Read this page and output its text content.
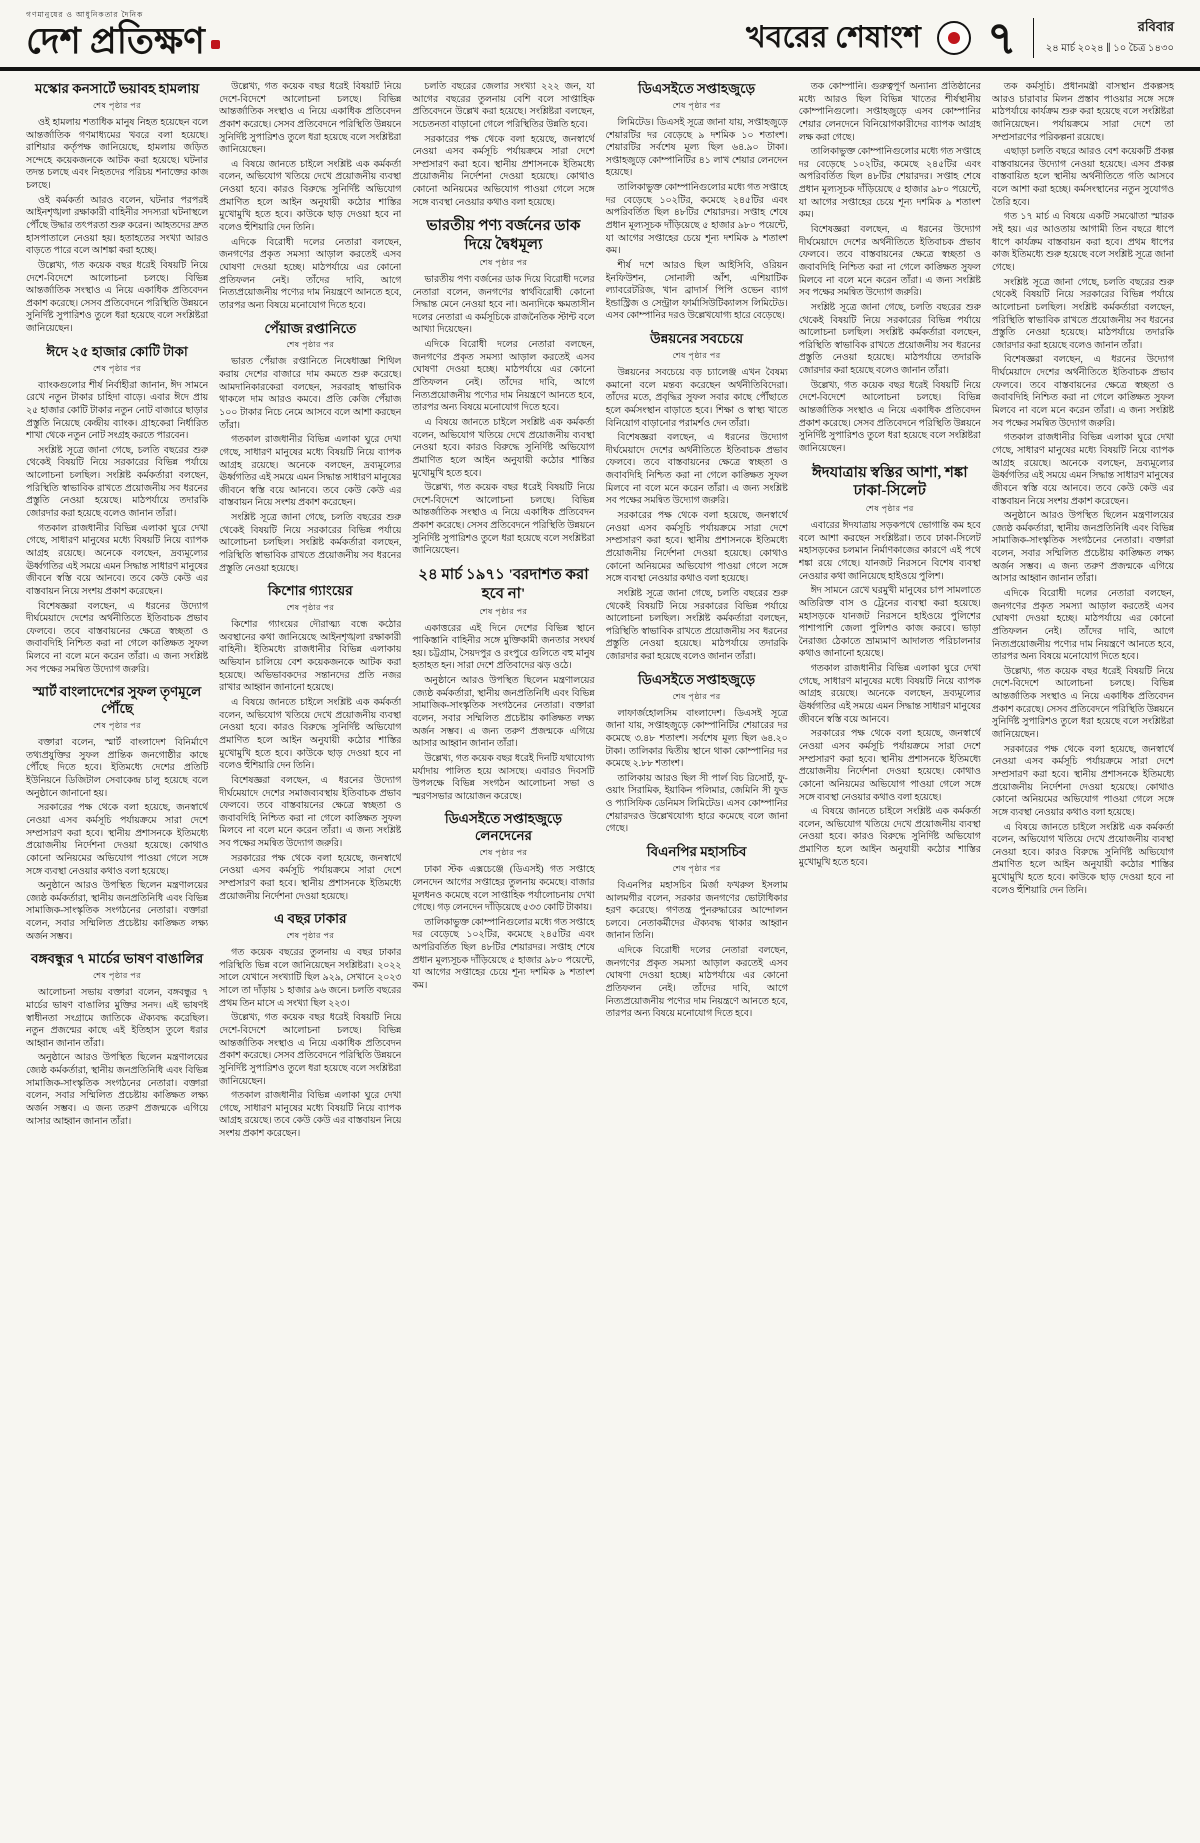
গণমানুষের ও আধুনিকতার দৈনিক
দেশ প্রতিক্ষণ	খবরের শেষাংশ ৭	রবিবার
২৪ মার্চ ২০২৪ ∥ ১০ চৈত্র ১৪৩০
মস্কোর কনসার্টে ভয়াবহ হামলায়
শেষ পৃষ্ঠার পর

ওই হামলায় শতাধিক মানুষ নিহত হয়েছেন বলে আন্তর্জাতিক গণমাধ্যমের খবরে বলা হয়েছে। রাশিয়ার কর্তৃপক্ষ জানিয়েছে, হামলায় জড়িত সন্দেহে কয়েকজনকে আটক করা হয়েছে। ঘটনার তদন্ত চলছে এবং নিহতদের পরিচয় শনাক্তের কাজ চলছে।

ওই কর্মকর্তা আরও বলেন, ঘটনার পরপরই আইনশৃঙ্খলা রক্ষাকারী বাহিনীর সদস্যরা ঘটনাস্থলে পৌঁছে উদ্ধার তৎপরতা শুরু করেন। আহতদের দ্রুত হাসপাতালে নেওয়া হয়। হতাহতের সংখ্যা আরও বাড়তে পারে বলে আশঙ্কা করা হচ্ছে।

উল্লেখ্য, গত কয়েক বছর ধরেই বিষয়টি নিয়ে দেশে-বিদেশে আলোচনা চলছে। বিভিন্ন আন্তর্জাতিক সংস্থাও এ নিয়ে একাধিক প্রতিবেদন প্রকাশ করেছে। সেসব প্রতিবেদনে পরিস্থিতি উন্নয়নে সুনির্দিষ্ট সুপারিশও তুলে ধরা হয়েছে বলে সংশ্লিষ্টরা জানিয়েছেন।

ঈদে ২৫ হাজার কোটি টাকা
শেষ পৃষ্ঠার পর

ব্যাংকগুলোর শীর্ষ নির্বাহীরা জানান, ঈদ সামনে রেখে নতুন টাকার চাহিদা বাড়ে। এবার ঈদে প্রায় ২৫ হাজার কোটি টাকার নতুন নোট বাজারে ছাড়ার প্রস্তুতি নিয়েছে কেন্দ্রীয় ব্যাংক। গ্রাহকেরা নির্ধারিত শাখা থেকে নতুন নোট সংগ্রহ করতে পারবেন।

সংশ্লিষ্ট সূত্রে জানা গেছে, চলতি বছরের শুরু থেকেই বিষয়টি নিয়ে সরকারের বিভিন্ন পর্যায়ে আলোচনা চলছিল। সংশ্লিষ্ট কর্মকর্তারা বলছেন, পরিস্থিতি স্বাভাবিক রাখতে প্রয়োজনীয় সব ধরনের প্রস্তুতি নেওয়া হয়েছে। মাঠপর্যায়ে তদারকি জোরদার করা হয়েছে বলেও জানান তাঁরা।

গতকাল রাজধানীর বিভিন্ন এলাকা ঘুরে দেখা গেছে, সাধারণ মানুষের মধ্যে বিষয়টি নিয়ে ব্যাপক আগ্রহ রয়েছে। অনেকে বলছেন, দ্রব্যমূল্যের ঊর্ধ্বগতির এই সময়ে এমন সিদ্ধান্ত সাধারণ মানুষের জীবনে স্বস্তি বয়ে আনবে। তবে কেউ কেউ এর বাস্তবায়ন নিয়ে সংশয় প্রকাশ করেছেন।

বিশেষজ্ঞরা বলছেন, এ ধরনের উদ্যোগ দীর্ঘমেয়াদে দেশের অর্থনীতিতে ইতিবাচক প্রভাব ফেলবে। তবে বাস্তবায়নের ক্ষেত্রে স্বচ্ছতা ও জবাবদিহি নিশ্চিত করা না গেলে কাঙ্ক্ষিত সুফল মিলবে না বলে মনে করেন তাঁরা। এ জন্য সংশ্লিষ্ট সব পক্ষের সমন্বিত উদ্যোগ জরুরি।

স্মার্ট বাংলাদেশের সুফল তৃণমূলে পৌঁছে
শেষ পৃষ্ঠার পর

বক্তারা বলেন, স্মার্ট বাংলাদেশ বিনির্মাণে তথ্যপ্রযুক্তির সুফল প্রান্তিক জনগোষ্ঠীর কাছে পৌঁছে দিতে হবে। ইতিমধ্যে দেশের প্রতিটি ইউনিয়নে ডিজিটাল সেবাকেন্দ্র চালু হয়েছে বলে অনুষ্ঠানে জানানো হয়।

সরকারের পক্ষ থেকে বলা হয়েছে, জনস্বার্থে নেওয়া এসব কর্মসূচি পর্যায়ক্রমে সারা দেশে সম্প্রসারণ করা হবে। স্থানীয় প্রশাসনকে ইতিমধ্যে প্রয়োজনীয় নির্দেশনা দেওয়া হয়েছে। কোথাও কোনো অনিয়মের অভিযোগ পাওয়া গেলে সঙ্গে সঙ্গে ব্যবস্থা নেওয়ার কথাও বলা হয়েছে।

অনুষ্ঠানে আরও উপস্থিত ছিলেন মন্ত্রণালয়ের জ্যেষ্ঠ কর্মকর্তারা, স্থানীয় জনপ্রতিনিধি এবং বিভিন্ন সামাজিক-সাংস্কৃতিক সংগঠনের নেতারা। বক্তারা বলেন, সবার সম্মিলিত প্রচেষ্টায় কাঙ্ক্ষিত লক্ষ্য অর্জন সম্ভব।

বঙ্গবন্ধুর ৭ মার্চের ভাষণ বাঙালির
শেষ পৃষ্ঠার পর

আলোচনা সভায় বক্তারা বলেন, বঙ্গবন্ধুর ৭ মার্চের ভাষণ বাঙালির মুক্তির সনদ। এই ভাষণই স্বাধীনতা সংগ্রামে জাতিকে ঐক্যবদ্ধ করেছিল। নতুন প্রজন্মের কাছে এই ইতিহাস তুলে ধরার আহ্বান জানান তাঁরা।

অনুষ্ঠানে আরও উপস্থিত ছিলেন মন্ত্রণালয়ের জ্যেষ্ঠ কর্মকর্তারা, স্থানীয় জনপ্রতিনিধি এবং বিভিন্ন সামাজিক-সাংস্কৃতিক সংগঠনের নেতারা। বক্তারা বলেন, সবার সম্মিলিত প্রচেষ্টায় কাঙ্ক্ষিত লক্ষ্য অর্জন সম্ভব। এ জন্য তরুণ প্রজন্মকে এগিয়ে আসার আহ্বান জানান তাঁরা।

উল্লেখ্য, গত কয়েক বছর ধরেই বিষয়টি নিয়ে দেশে-বিদেশে আলোচনা চলছে। বিভিন্ন আন্তর্জাতিক সংস্থাও এ নিয়ে একাধিক প্রতিবেদন প্রকাশ করেছে। সেসব প্রতিবেদনে পরিস্থিতি উন্নয়নে সুনির্দিষ্ট সুপারিশও তুলে ধরা হয়েছে বলে সংশ্লিষ্টরা জানিয়েছেন।

এ বিষয়ে জানতে চাইলে সংশ্লিষ্ট এক কর্মকর্তা বলেন, অভিযোগ খতিয়ে দেখে প্রয়োজনীয় ব্যবস্থা নেওয়া হবে। কারও বিরুদ্ধে সুনির্দিষ্ট অভিযোগ প্রমাণিত হলে আইন অনুযায়ী কঠোর শাস্তির মুখোমুখি হতে হবে। কাউকে ছাড় দেওয়া হবে না বলেও হুঁশিয়ারি দেন তিনি।

এদিকে বিরোধী দলের নেতারা বলছেন, জনগণের প্রকৃত সমস্যা আড়াল করতেই এসব ঘোষণা দেওয়া হচ্ছে। মাঠপর্যায়ে এর কোনো প্রতিফলন নেই। তাঁদের দাবি, আগে নিত্যপ্রয়োজনীয় পণ্যের দাম নিয়ন্ত্রণে আনতে হবে, তারপর অন্য বিষয়ে মনোযোগ দিতে হবে।

পেঁয়াজ রপ্তানিতে
শেষ পৃষ্ঠার পর

ভারত পেঁয়াজ রপ্তানিতে নিষেধাজ্ঞা শিথিল করায় দেশের বাজারে দাম কমতে শুরু করেছে। আমদানিকারকেরা বলছেন, সরবরাহ স্বাভাবিক থাকলে দাম আরও কমবে। প্রতি কেজি পেঁয়াজ ১০০ টাকার নিচে নেমে আসবে বলে আশা করছেন তাঁরা।

গতকাল রাজধানীর বিভিন্ন এলাকা ঘুরে দেখা গেছে, সাধারণ মানুষের মধ্যে বিষয়টি নিয়ে ব্যাপক আগ্রহ রয়েছে। অনেকে বলছেন, দ্রব্যমূল্যের ঊর্ধ্বগতির এই সময়ে এমন সিদ্ধান্ত সাধারণ মানুষের জীবনে স্বস্তি বয়ে আনবে। তবে কেউ কেউ এর বাস্তবায়ন নিয়ে সংশয় প্রকাশ করেছেন।

সংশ্লিষ্ট সূত্রে জানা গেছে, চলতি বছরের শুরু থেকেই বিষয়টি নিয়ে সরকারের বিভিন্ন পর্যায়ে আলোচনা চলছিল। সংশ্লিষ্ট কর্মকর্তারা বলছেন, পরিস্থিতি স্বাভাবিক রাখতে প্রয়োজনীয় সব ধরনের প্রস্তুতি নেওয়া হয়েছে।

কিশোর গ্যাংয়ের
শেষ পৃষ্ঠার পর

কিশোর গ্যাংয়ের দৌরাত্ম্য বন্ধে কঠোর অবস্থানের কথা জানিয়েছে আইনশৃঙ্খলা রক্ষাকারী বাহিনী। ইতিমধ্যে রাজধানীর বিভিন্ন এলাকায় অভিযান চালিয়ে বেশ কয়েকজনকে আটক করা হয়েছে। অভিভাবকদের সন্তানদের প্রতি নজর রাখার আহ্বান জানানো হয়েছে।

এ বিষয়ে জানতে চাইলে সংশ্লিষ্ট এক কর্মকর্তা বলেন, অভিযোগ খতিয়ে দেখে প্রয়োজনীয় ব্যবস্থা নেওয়া হবে। কারও বিরুদ্ধে সুনির্দিষ্ট অভিযোগ প্রমাণিত হলে আইন অনুযায়ী কঠোর শাস্তির মুখোমুখি হতে হবে। কাউকে ছাড় দেওয়া হবে না বলেও হুঁশিয়ারি দেন তিনি।

বিশেষজ্ঞরা বলছেন, এ ধরনের উদ্যোগ দীর্ঘমেয়াদে দেশের সমাজব্যবস্থায় ইতিবাচক প্রভাব ফেলবে। তবে বাস্তবায়নের ক্ষেত্রে স্বচ্ছতা ও জবাবদিহি নিশ্চিত করা না গেলে কাঙ্ক্ষিত সুফল মিলবে না বলে মনে করেন তাঁরা। এ জন্য সংশ্লিষ্ট সব পক্ষের সমন্বিত উদ্যোগ জরুরি।

সরকারের পক্ষ থেকে বলা হয়েছে, জনস্বার্থে নেওয়া এসব কর্মসূচি পর্যায়ক্রমে সারা দেশে সম্প্রসারণ করা হবে। স্থানীয় প্রশাসনকে ইতিমধ্যে প্রয়োজনীয় নির্দেশনা দেওয়া হয়েছে।

এ বছর ঢাকার
শেষ পৃষ্ঠার পর

গত কয়েক বছরের তুলনায় এ বছর ঢাকার পরিস্থিতি ভিন্ন বলে জানিয়েছেন সংশ্লিষ্টরা। ২০২২ সালে যেখানে সংখ্যাটি ছিল ৯২৯, সেখানে ২০২৩ সালে তা দাঁড়ায় ১ হাজার ৯৬ জনে। চলতি বছরের প্রথম তিন মাসে এ সংখ্যা ছিল ২২৩।

উল্লেখ্য, গত কয়েক বছর ধরেই বিষয়টি নিয়ে দেশে-বিদেশে আলোচনা চলছে। বিভিন্ন আন্তর্জাতিক সংস্থাও এ নিয়ে একাধিক প্রতিবেদন প্রকাশ করেছে। সেসব প্রতিবেদনে পরিস্থিতি উন্নয়নে সুনির্দিষ্ট সুপারিশও তুলে ধরা হয়েছে বলে সংশ্লিষ্টরা জানিয়েছেন।

গতকাল রাজধানীর বিভিন্ন এলাকা ঘুরে দেখা গেছে, সাধারণ মানুষের মধ্যে বিষয়টি নিয়ে ব্যাপক আগ্রহ রয়েছে। তবে কেউ কেউ এর বাস্তবায়ন নিয়ে সংশয় প্রকাশ করেছেন।

চলতি বছরের জেলার সংখ্যা ২২২ জন, যা আগের বছরের তুলনায় বেশি বলে সাপ্তাহিক প্রতিবেদনে উল্লেখ করা হয়েছে। সংশ্লিষ্টরা বলছেন, সচেতনতা বাড়ানো গেলে পরিস্থিতির উন্নতি হবে।

সরকারের পক্ষ থেকে বলা হয়েছে, জনস্বার্থে নেওয়া এসব কর্মসূচি পর্যায়ক্রমে সারা দেশে সম্প্রসারণ করা হবে। স্থানীয় প্রশাসনকে ইতিমধ্যে প্রয়োজনীয় নির্দেশনা দেওয়া হয়েছে। কোথাও কোনো অনিয়মের অভিযোগ পাওয়া গেলে সঙ্গে সঙ্গে ব্যবস্থা নেওয়ার কথাও বলা হয়েছে।

ভারতীয় পণ্য বর্জনের ডাক দিয়ে দ্বৈধমূল্য
শেষ পৃষ্ঠার পর

ভারতীয় পণ্য বর্জনের ডাক দিয়ে বিরোধী দলের নেতারা বলেন, জনগণের স্বার্থবিরোধী কোনো সিদ্ধান্ত মেনে নেওয়া হবে না। অন্যদিকে ক্ষমতাসীন দলের নেতারা এ কর্মসূচিকে রাজনৈতিক স্টান্ট বলে আখ্যা দিয়েছেন।

এদিকে বিরোধী দলের নেতারা বলছেন, জনগণের প্রকৃত সমস্যা আড়াল করতেই এসব ঘোষণা দেওয়া হচ্ছে। মাঠপর্যায়ে এর কোনো প্রতিফলন নেই। তাঁদের দাবি, আগে নিত্যপ্রয়োজনীয় পণ্যের দাম নিয়ন্ত্রণে আনতে হবে, তারপর অন্য বিষয়ে মনোযোগ দিতে হবে।

এ বিষয়ে জানতে চাইলে সংশ্লিষ্ট এক কর্মকর্তা বলেন, অভিযোগ খতিয়ে দেখে প্রয়োজনীয় ব্যবস্থা নেওয়া হবে। কারও বিরুদ্ধে সুনির্দিষ্ট অভিযোগ প্রমাণিত হলে আইন অনুযায়ী কঠোর শাস্তির মুখোমুখি হতে হবে।

উল্লেখ্য, গত কয়েক বছর ধরেই বিষয়টি নিয়ে দেশে-বিদেশে আলোচনা চলছে। বিভিন্ন আন্তর্জাতিক সংস্থাও এ নিয়ে একাধিক প্রতিবেদন প্রকাশ করেছে। সেসব প্রতিবেদনে পরিস্থিতি উন্নয়নে সুনির্দিষ্ট সুপারিশও তুলে ধরা হয়েছে বলে সংশ্লিষ্টরা জানিয়েছেন।

২৪ মার্চ ১৯৭১ 'বরদাশত করা হবে না'
শেষ পৃষ্ঠার পর

একাত্তরের এই দিনে দেশের বিভিন্ন স্থানে পাকিস্তানি বাহিনীর সঙ্গে মুক্তিকামী জনতার সংঘর্ষ হয়। চট্টগ্রাম, সৈয়দপুর ও রংপুরে গুলিতে বহু মানুষ হতাহত হন। সারা দেশে প্রতিবাদের ঝড় ওঠে।

অনুষ্ঠানে আরও উপস্থিত ছিলেন মন্ত্রণালয়ের জ্যেষ্ঠ কর্মকর্তারা, স্থানীয় জনপ্রতিনিধি এবং বিভিন্ন সামাজিক-সাংস্কৃতিক সংগঠনের নেতারা। বক্তারা বলেন, সবার সম্মিলিত প্রচেষ্টায় কাঙ্ক্ষিত লক্ষ্য অর্জন সম্ভব। এ জন্য তরুণ প্রজন্মকে এগিয়ে আসার আহ্বান জানান তাঁরা।

উল্লেখ্য, গত কয়েক বছর ধরেই দিনটি যথাযোগ্য মর্যাদায় পালিত হয়ে আসছে। এবারও দিবসটি উপলক্ষে বিভিন্ন সংগঠন আলোচনা সভা ও স্মরণসভার আয়োজন করেছে।

ডিএসইতে সপ্তাহজুড়ে লেনদেনের
শেষ পৃষ্ঠার পর

ঢাকা স্টক এক্সচেঞ্জে (ডিএসই) গত সপ্তাহে লেনদেন আগের সপ্তাহের তুলনায় কমেছে। বাজার মূলধনও কমেছে বলে সাপ্তাহিক পর্যালোচনায় দেখা গেছে। গড় লেনদেন দাঁড়িয়েছে ৫৩৩ কোটি টাকায়।

তালিকাভুক্ত কোম্পানিগুলোর মধ্যে গত সপ্তাহে দর বেড়েছে ১০২টির, কমেছে ২৪৫টির এবং অপরিবর্তিত ছিল ৪৮টির শেয়ারদর। সপ্তাহ শেষে প্রধান মূল্যসূচক দাঁড়িয়েছে ৫ হাজার ৯৮০ পয়েন্টে, যা আগের সপ্তাহের চেয়ে শূন্য দশমিক ৯ শতাংশ কম।

ডিএসইতে সপ্তাহজুড়ে
শেষ পৃষ্ঠার পর

লিমিটেড। ডিএসই সূত্রে জানা যায়, সপ্তাহজুড়ে শেয়ারটির দর বেড়েছে ৯ দশমিক ১০ শতাংশ। শেয়ারটির সর্বশেষ মূল্য ছিল ৬৪.৯০ টাকা। সপ্তাহজুড়ে কোম্পানিটির ৪১ লাখ শেয়ার লেনদেন হয়েছে।

তালিকাভুক্ত কোম্পানিগুলোর মধ্যে গত সপ্তাহে দর বেড়েছে ১০২টির, কমেছে ২৪৫টির এবং অপরিবর্তিত ছিল ৪৮টির শেয়ারদর। সপ্তাহ শেষে প্রধান মূল্যসূচক দাঁড়িয়েছে ৫ হাজার ৯৮০ পয়েন্টে, যা আগের সপ্তাহের চেয়ে শূন্য দশমিক ৯ শতাংশ কম।

শীর্ষ দশে আরও ছিল আইসিবি, ওরিয়ন ইনফিউশন, সোনালী আঁশ, এশিয়াটিক ল্যাবরেটরিজ, খান ব্রাদার্স পিপি ওভেন ব্যাগ ইন্ডাস্ট্রিজ ও সেন্ট্রাল ফার্মাসিউটিক্যালস লিমিটেড। এসব কোম্পানির দরও উল্লেখযোগ্য হারে বেড়েছে।

উন্নয়নের সবচেয়ে
শেষ পৃষ্ঠার পর

উন্নয়নের সবচেয়ে বড় চ্যালেঞ্জ এখন বৈষম্য কমানো বলে মন্তব্য করেছেন অর্থনীতিবিদেরা। তাঁদের মতে, প্রবৃদ্ধির সুফল সবার কাছে পৌঁছাতে হলে কর্মসংস্থান বাড়াতে হবে। শিক্ষা ও স্বাস্থ্য খাতে বিনিয়োগ বাড়ানোর পরামর্শও দেন তাঁরা।

বিশেষজ্ঞরা বলছেন, এ ধরনের উদ্যোগ দীর্ঘমেয়াদে দেশের অর্থনীতিতে ইতিবাচক প্রভাব ফেলবে। তবে বাস্তবায়নের ক্ষেত্রে স্বচ্ছতা ও জবাবদিহি নিশ্চিত করা না গেলে কাঙ্ক্ষিত সুফল মিলবে না বলে মনে করেন তাঁরা। এ জন্য সংশ্লিষ্ট সব পক্ষের সমন্বিত উদ্যোগ জরুরি।

সরকারের পক্ষ থেকে বলা হয়েছে, জনস্বার্থে নেওয়া এসব কর্মসূচি পর্যায়ক্রমে সারা দেশে সম্প্রসারণ করা হবে। স্থানীয় প্রশাসনকে ইতিমধ্যে প্রয়োজনীয় নির্দেশনা দেওয়া হয়েছে। কোথাও কোনো অনিয়মের অভিযোগ পাওয়া গেলে সঙ্গে সঙ্গে ব্যবস্থা নেওয়ার কথাও বলা হয়েছে।

সংশ্লিষ্ট সূত্রে জানা গেছে, চলতি বছরের শুরু থেকেই বিষয়টি নিয়ে সরকারের বিভিন্ন পর্যায়ে আলোচনা চলছিল। সংশ্লিষ্ট কর্মকর্তারা বলছেন, পরিস্থিতি স্বাভাবিক রাখতে প্রয়োজনীয় সব ধরনের প্রস্তুতি নেওয়া হয়েছে। মাঠপর্যায়ে তদারকি জোরদার করা হয়েছে বলেও জানান তাঁরা।

ডিএসইতে সপ্তাহজুড়ে
শেষ পৃষ্ঠার পর

লাফার্জহোলসিম বাংলাদেশ। ডিএসই সূত্রে জানা যায়, সপ্তাহজুড়ে কোম্পানিটির শেয়ারের দর কমেছে ৩.৪৮ শতাংশ। সর্বশেষ মূল্য ছিল ৬৪.২০ টাকা। তালিকার দ্বিতীয় স্থানে থাকা কোম্পানির দর কমেছে ২.৮৮ শতাংশ।

তালিকায় আরও ছিল সী পার্ল বিচ রিসোর্ট, ফু-ওয়াং সিরামিক, ইয়াকিন পলিমার, জেমিনি সী ফুড ও প্যাসিফিক ডেনিমস লিমিটেড। এসব কোম্পানির শেয়ারদরও উল্লেখযোগ্য হারে কমেছে বলে জানা গেছে।

বিএনপির মহাসচিব
শেষ পৃষ্ঠার পর

বিএনপির মহাসচিব মির্জা ফখরুল ইসলাম আলমগীর বলেন, সরকার জনগণের ভোটাধিকার হরণ করেছে। গণতন্ত্র পুনরুদ্ধারের আন্দোলন চলবে। নেতাকর্মীদের ঐক্যবদ্ধ থাকার আহ্বান জানান তিনি।

এদিকে বিরোধী দলের নেতারা বলছেন, জনগণের প্রকৃত সমস্যা আড়াল করতেই এসব ঘোষণা দেওয়া হচ্ছে। মাঠপর্যায়ে এর কোনো প্রতিফলন নেই। তাঁদের দাবি, আগে নিত্যপ্রয়োজনীয় পণ্যের দাম নিয়ন্ত্রণে আনতে হবে, তারপর অন্য বিষয়ে মনোযোগ দিতে হবে।

তক কোম্পানি। গুরুত্বপূর্ণ অন্যান্য প্রতিষ্ঠানের মধ্যে আরও ছিল বিভিন্ন খাতের শীর্ষস্থানীয় কোম্পানিগুলো। সপ্তাহজুড়ে এসব কোম্পানির শেয়ার লেনদেনে বিনিয়োগকারীদের ব্যাপক আগ্রহ লক্ষ করা গেছে।

তালিকাভুক্ত কোম্পানিগুলোর মধ্যে গত সপ্তাহে দর বেড়েছে ১০২টির, কমেছে ২৪৫টির এবং অপরিবর্তিত ছিল ৪৮টির শেয়ারদর। সপ্তাহ শেষে প্রধান মূল্যসূচক দাঁড়িয়েছে ৫ হাজার ৯৮০ পয়েন্টে, যা আগের সপ্তাহের চেয়ে শূন্য দশমিক ৯ শতাংশ কম।

বিশেষজ্ঞরা বলছেন, এ ধরনের উদ্যোগ দীর্ঘমেয়াদে দেশের অর্থনীতিতে ইতিবাচক প্রভাব ফেলবে। তবে বাস্তবায়নের ক্ষেত্রে স্বচ্ছতা ও জবাবদিহি নিশ্চিত করা না গেলে কাঙ্ক্ষিত সুফল মিলবে না বলে মনে করেন তাঁরা। এ জন্য সংশ্লিষ্ট সব পক্ষের সমন্বিত উদ্যোগ জরুরি।

সংশ্লিষ্ট সূত্রে জানা গেছে, চলতি বছরের শুরু থেকেই বিষয়টি নিয়ে সরকারের বিভিন্ন পর্যায়ে আলোচনা চলছিল। সংশ্লিষ্ট কর্মকর্তারা বলছেন, পরিস্থিতি স্বাভাবিক রাখতে প্রয়োজনীয় সব ধরনের প্রস্তুতি নেওয়া হয়েছে। মাঠপর্যায়ে তদারকি জোরদার করা হয়েছে বলেও জানান তাঁরা।

উল্লেখ্য, গত কয়েক বছর ধরেই বিষয়টি নিয়ে দেশে-বিদেশে আলোচনা চলছে। বিভিন্ন আন্তর্জাতিক সংস্থাও এ নিয়ে একাধিক প্রতিবেদন প্রকাশ করেছে। সেসব প্রতিবেদনে পরিস্থিতি উন্নয়নে সুনির্দিষ্ট সুপারিশও তুলে ধরা হয়েছে বলে সংশ্লিষ্টরা জানিয়েছেন।

ঈদযাত্রায় স্বস্তির আশা, শঙ্কা ঢাকা-সিলেট
শেষ পৃষ্ঠার পর

এবারের ঈদযাত্রায় সড়কপথে ভোগান্তি কম হবে বলে আশা করছেন সংশ্লিষ্টরা। তবে ঢাকা-সিলেট মহাসড়কের চলমান নির্মাণকাজের কারণে এই পথে শঙ্কা রয়ে গেছে। যানজট নিরসনে বিশেষ ব্যবস্থা নেওয়ার কথা জানিয়েছে হাইওয়ে পুলিশ।

ঈদ সামনে রেখে ঘরমুখী মানুষের চাপ সামলাতে অতিরিক্ত বাস ও ট্রেনের ব্যবস্থা করা হয়েছে। মহাসড়কে যানজট নিরসনে হাইওয়ে পুলিশের পাশাপাশি জেলা পুলিশও কাজ করবে। ভাড়া নৈরাজ্য ঠেকাতে ভ্রাম্যমাণ আদালত পরিচালনার কথাও জানানো হয়েছে।

গতকাল রাজধানীর বিভিন্ন এলাকা ঘুরে দেখা গেছে, সাধারণ মানুষের মধ্যে বিষয়টি নিয়ে ব্যাপক আগ্রহ রয়েছে। অনেকে বলছেন, দ্রব্যমূল্যের ঊর্ধ্বগতির এই সময়ে এমন সিদ্ধান্ত সাধারণ মানুষের জীবনে স্বস্তি বয়ে আনবে।

সরকারের পক্ষ থেকে বলা হয়েছে, জনস্বার্থে নেওয়া এসব কর্মসূচি পর্যায়ক্রমে সারা দেশে সম্প্রসারণ করা হবে। স্থানীয় প্রশাসনকে ইতিমধ্যে প্রয়োজনীয় নির্দেশনা দেওয়া হয়েছে। কোথাও কোনো অনিয়মের অভিযোগ পাওয়া গেলে সঙ্গে সঙ্গে ব্যবস্থা নেওয়ার কথাও বলা হয়েছে।

এ বিষয়ে জানতে চাইলে সংশ্লিষ্ট এক কর্মকর্তা বলেন, অভিযোগ খতিয়ে দেখে প্রয়োজনীয় ব্যবস্থা নেওয়া হবে। কারও বিরুদ্ধে সুনির্দিষ্ট অভিযোগ প্রমাণিত হলে আইন অনুযায়ী কঠোর শাস্তির মুখোমুখি হতে হবে।

তক কর্মসূচি। প্রধানমন্ত্রী বাসস্থান প্রকল্পসহ আরও চারাবার মিলন প্রস্তাব পাওয়ার সঙ্গে সঙ্গে মাঠপর্যায়ে কার্যক্রম শুরু করা হয়েছে বলে সংশ্লিষ্টরা জানিয়েছেন। পর্যায়ক্রমে সারা দেশে তা সম্প্রসারণের পরিকল্পনা রয়েছে।

এছাড়া চলতি বছরে আরও বেশ কয়েকটি প্রকল্প বাস্তবায়নের উদ্যোগ নেওয়া হয়েছে। এসব প্রকল্প বাস্তবায়িত হলে স্থানীয় অর্থনীতিতে গতি আসবে বলে আশা করা হচ্ছে। কর্মসংস্থানের নতুন সুযোগও তৈরি হবে।

গত ১৭ মার্চ এ বিষয়ে একটি সমঝোতা স্মারক সই হয়। এর আওতায় আগামী তিন বছরে ধাপে ধাপে কার্যক্রম বাস্তবায়ন করা হবে। প্রথম ধাপের কাজ ইতিমধ্যে শুরু হয়েছে বলে সংশ্লিষ্ট সূত্রে জানা গেছে।

সংশ্লিষ্ট সূত্রে জানা গেছে, চলতি বছরের শুরু থেকেই বিষয়টি নিয়ে সরকারের বিভিন্ন পর্যায়ে আলোচনা চলছিল। সংশ্লিষ্ট কর্মকর্তারা বলছেন, পরিস্থিতি স্বাভাবিক রাখতে প্রয়োজনীয় সব ধরনের প্রস্তুতি নেওয়া হয়েছে। মাঠপর্যায়ে তদারকি জোরদার করা হয়েছে বলেও জানান তাঁরা।

বিশেষজ্ঞরা বলছেন, এ ধরনের উদ্যোগ দীর্ঘমেয়াদে দেশের অর্থনীতিতে ইতিবাচক প্রভাব ফেলবে। তবে বাস্তবায়নের ক্ষেত্রে স্বচ্ছতা ও জবাবদিহি নিশ্চিত করা না গেলে কাঙ্ক্ষিত সুফল মিলবে না বলে মনে করেন তাঁরা। এ জন্য সংশ্লিষ্ট সব পক্ষের সমন্বিত উদ্যোগ জরুরি।

গতকাল রাজধানীর বিভিন্ন এলাকা ঘুরে দেখা গেছে, সাধারণ মানুষের মধ্যে বিষয়টি নিয়ে ব্যাপক আগ্রহ রয়েছে। অনেকে বলছেন, দ্রব্যমূল্যের ঊর্ধ্বগতির এই সময়ে এমন সিদ্ধান্ত সাধারণ মানুষের জীবনে স্বস্তি বয়ে আনবে। তবে কেউ কেউ এর বাস্তবায়ন নিয়ে সংশয় প্রকাশ করেছেন।

অনুষ্ঠানে আরও উপস্থিত ছিলেন মন্ত্রণালয়ের জ্যেষ্ঠ কর্মকর্তারা, স্থানীয় জনপ্রতিনিধি এবং বিভিন্ন সামাজিক-সাংস্কৃতিক সংগঠনের নেতারা। বক্তারা বলেন, সবার সম্মিলিত প্রচেষ্টায় কাঙ্ক্ষিত লক্ষ্য অর্জন সম্ভব। এ জন্য তরুণ প্রজন্মকে এগিয়ে আসার আহ্বান জানান তাঁরা।

এদিকে বিরোধী দলের নেতারা বলছেন, জনগণের প্রকৃত সমস্যা আড়াল করতেই এসব ঘোষণা দেওয়া হচ্ছে। মাঠপর্যায়ে এর কোনো প্রতিফলন নেই। তাঁদের দাবি, আগে নিত্যপ্রয়োজনীয় পণ্যের দাম নিয়ন্ত্রণে আনতে হবে, তারপর অন্য বিষয়ে মনোযোগ দিতে হবে।

উল্লেখ্য, গত কয়েক বছর ধরেই বিষয়টি নিয়ে দেশে-বিদেশে আলোচনা চলছে। বিভিন্ন আন্তর্জাতিক সংস্থাও এ নিয়ে একাধিক প্রতিবেদন প্রকাশ করেছে। সেসব প্রতিবেদনে পরিস্থিতি উন্নয়নে সুনির্দিষ্ট সুপারিশও তুলে ধরা হয়েছে বলে সংশ্লিষ্টরা জানিয়েছেন।

সরকারের পক্ষ থেকে বলা হয়েছে, জনস্বার্থে নেওয়া এসব কর্মসূচি পর্যায়ক্রমে সারা দেশে সম্প্রসারণ করা হবে। স্থানীয় প্রশাসনকে ইতিমধ্যে প্রয়োজনীয় নির্দেশনা দেওয়া হয়েছে। কোথাও কোনো অনিয়মের অভিযোগ পাওয়া গেলে সঙ্গে সঙ্গে ব্যবস্থা নেওয়ার কথাও বলা হয়েছে।

এ বিষয়ে জানতে চাইলে সংশ্লিষ্ট এক কর্মকর্তা বলেন, অভিযোগ খতিয়ে দেখে প্রয়োজনীয় ব্যবস্থা নেওয়া হবে। কারও বিরুদ্ধে সুনির্দিষ্ট অভিযোগ প্রমাণিত হলে আইন অনুযায়ী কঠোর শাস্তির মুখোমুখি হতে হবে। কাউকে ছাড় দেওয়া হবে না বলেও হুঁশিয়ারি দেন তিনি।
